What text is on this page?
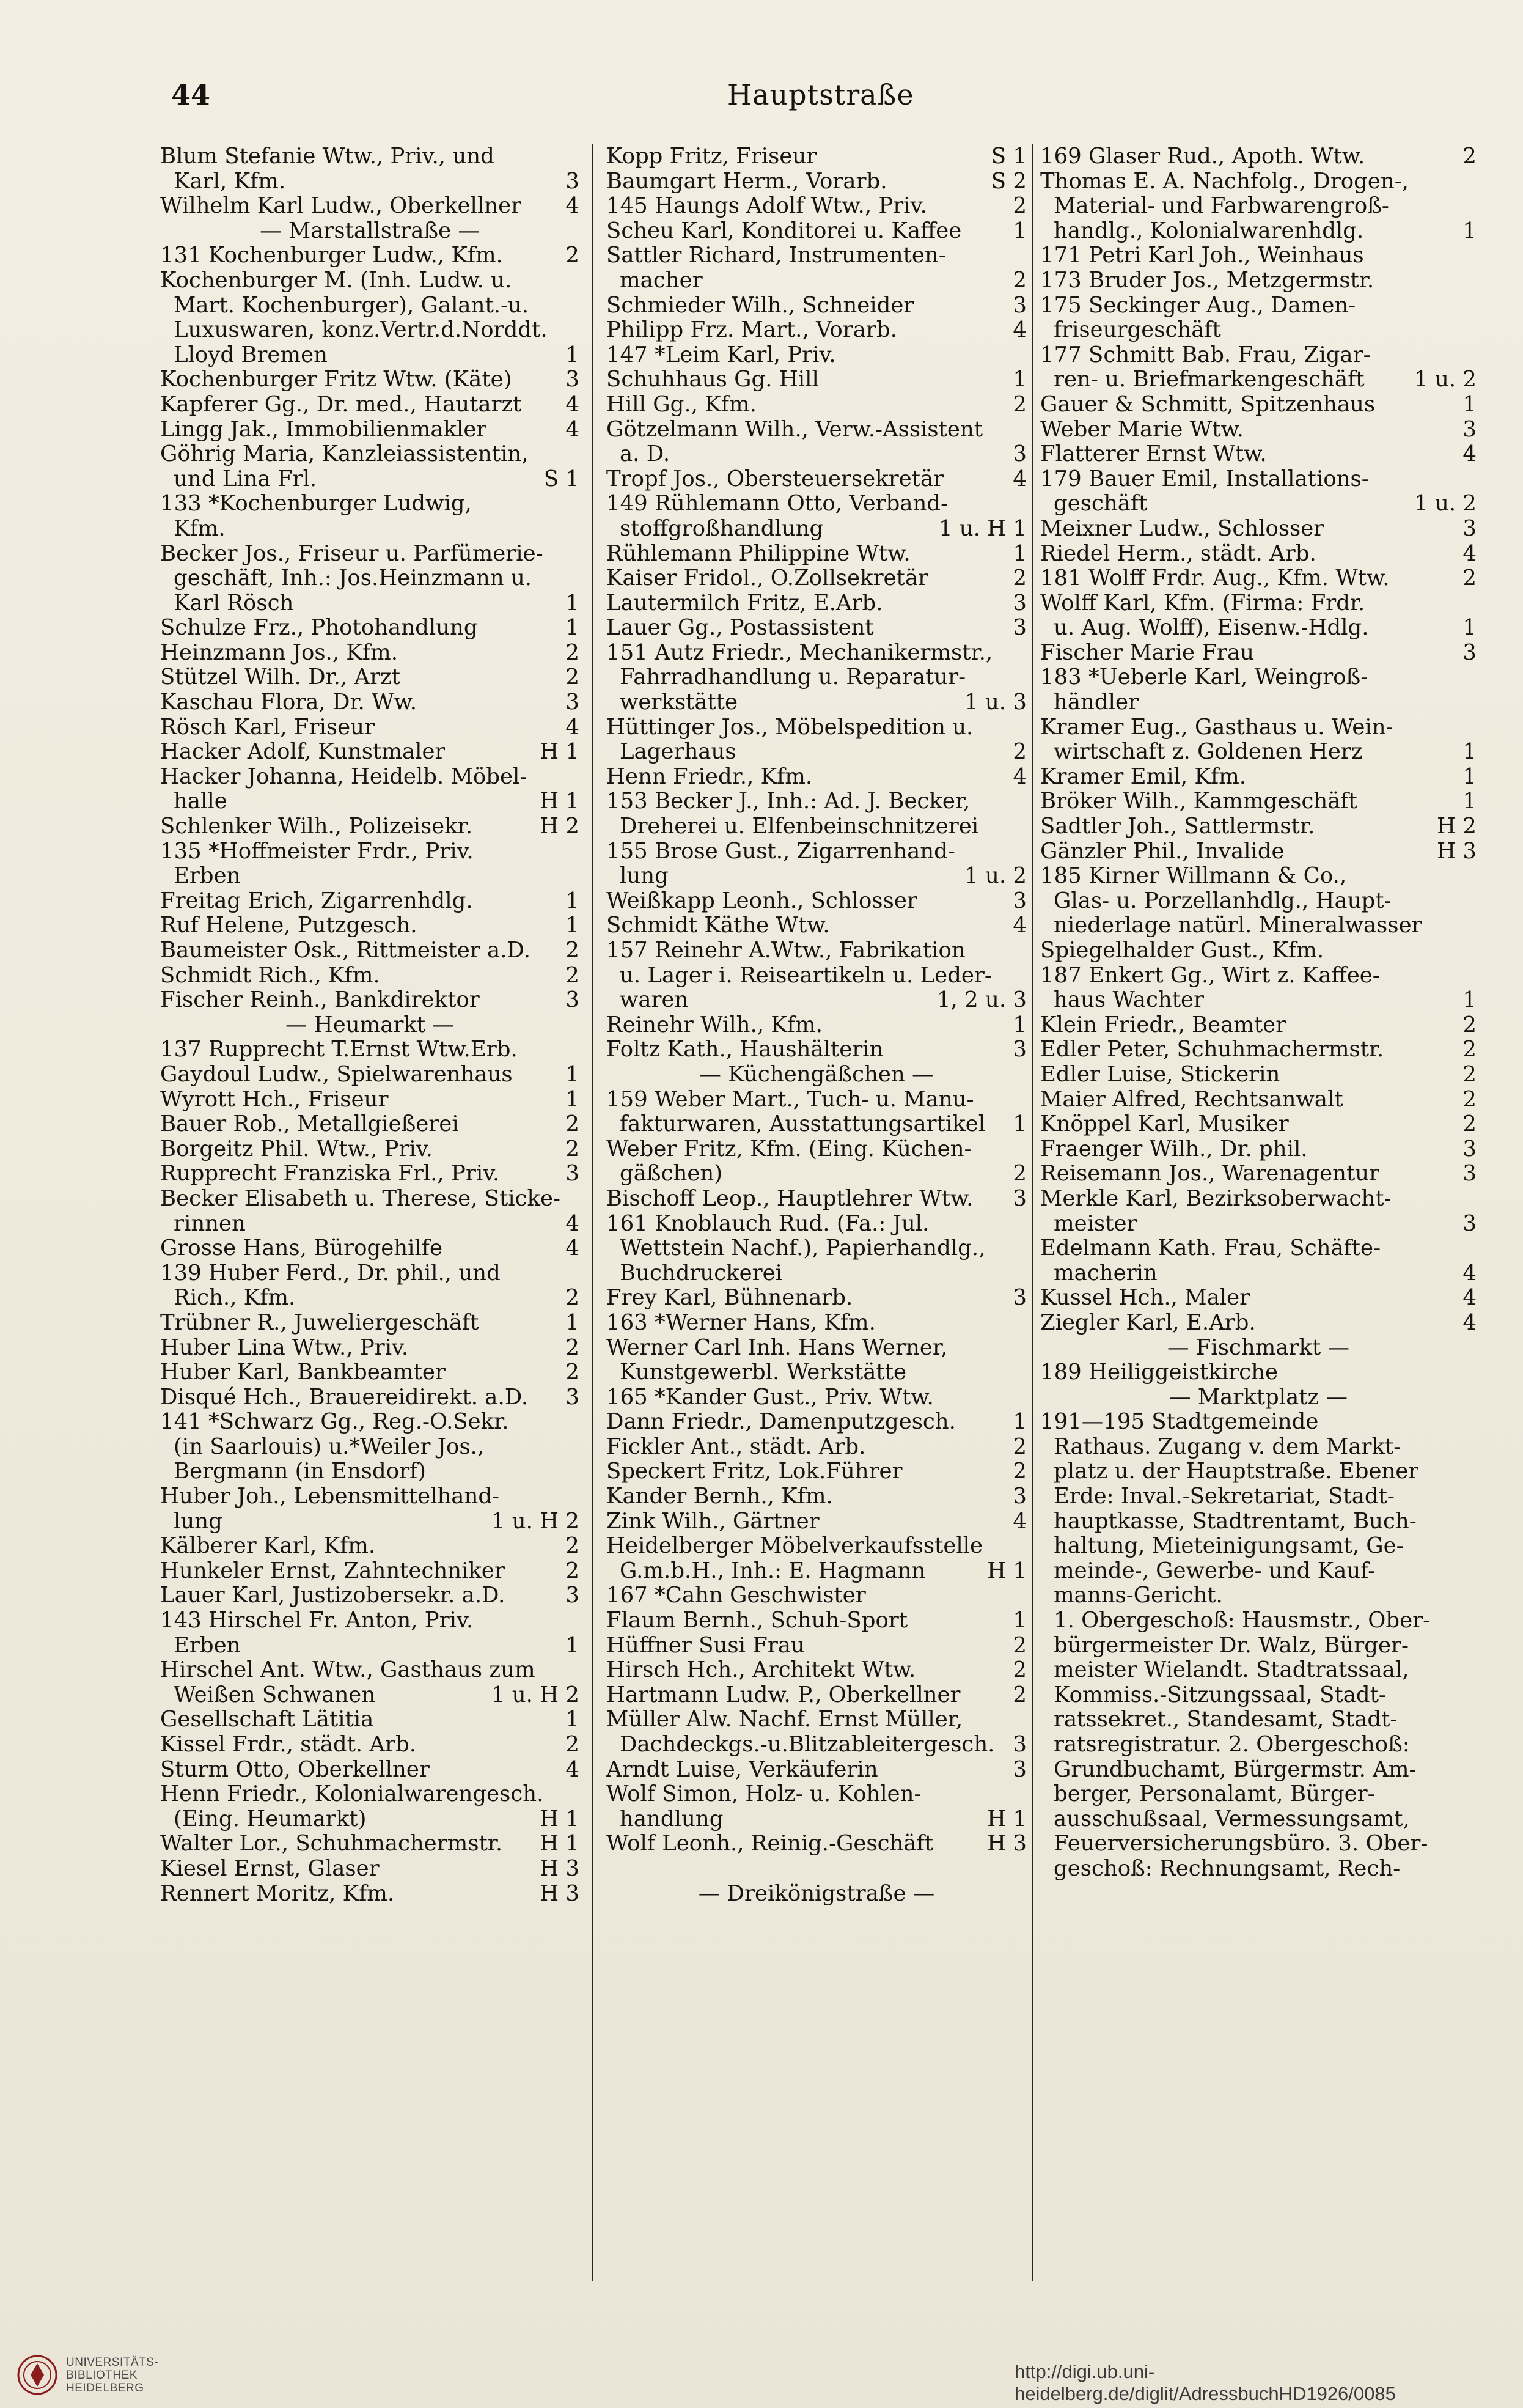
44	Hauptstraße
Blum Stefanie Wtw., Priv., und
Karl, Kfm.	3
Wilhelm Karl Ludw., Oberkellner 4
— Marstallstraße —
131 Kochenburger Ludw., Kfm.	2
Kochenburger M. (Inh. Ludw. u.
Mart. Kochenburger), Galant.-u.
Luxuswaren, konz.Vertr.d.Norddt.
Lloyd Bremen	1
Kochenburger Fritz Wtw. (Käte) 3
Kapferer Gg., Dr. med., Hautarzt 4
Lingg Jak., Immobilienmakler	4
Göhrig Maria, Kanzleiassistentin,
und Lina Frl.	S 1
133 *Kochenburger Ludwig,
Kfm.
Becker Jos., Friseur u. Parfümerie-
geschäft, Inh.: Jos.Heinzmann u.
Karl Rösch	1
Schulze Frz., Photohandlung	1
Heinzmann Jos., Kfm.	2
Stützel Wilh. Dr., Arzt	2
Kaschau Flora, Dr. Ww.	3
Rösch Karl, Friseur	4
Hacker Adolf, Kunstmaler	H 1
Hacker Johanna, Heidelb. Möbel-
halle	H 1
Schlenker Wilh., Polizeisekr.	H 2
135 *Hoffmeister Frdr., Priv.
Erben
Freitag Erich, Zigarrenhdlg.	1
Ruf Helene, Putzgesch.	1
Baumeister Osk., Rittmeister a.D. 2
Schmidt Rich., Kfm.	2
Fischer Reinh., Bankdirektor	3
— Heumarkt —
137 Rupprecht T.Ernst Wtw.Erb.
Gaydoul Ludw., Spielwarenhaus 1
Wyrott Hch., Friseur	1
Bauer Rob., Metallgießerei	2
Borgeitz Phil. Wtw., Priv.	2
Rupprecht Franziska Frl., Priv.	3
Becker Elisabeth u. Therese, Sticke-
rinnen	4
Grosse Hans, Bürogehilfe	4
139 Huber Ferd., Dr. phil., und
Rich., Kfm.	2
Trübner R., Juweliergeschäft	1
Huber Lina Wtw., Priv.	2
Huber Karl, Bankbeamter	2
Disqué Hch., Brauereidirekt. a.D. 3
141 *Schwarz Gg., Reg.-O.Sekr.
(in Saarlouis) u.*Weiler Jos.,
Bergmann (in Ensdorf)
Huber Joh., Lebensmittelhand-
lung	1 u. H 2
Kälberer Karl, Kfm.	2
Hunkeler Ernst, Zahntechniker	2
Lauer Karl, Justizobersekr. a.D.	3
143 Hirschel Fr. Anton, Priv.
Erben	1
Hirschel Ant. Wtw., Gasthaus zum
Weißen Schwanen	1 u. H 2
Gesellschaft Lätitia	1
Kissel Frdr., städt. Arb.	2
Sturm Otto, Oberkellner	4
Henn Friedr., Kolonialwarengesch.
(Eing. Heumarkt)	H 1
Walter Lor., Schuhmachermstr. H 1
Kiesel Ernst, Glaser	H 3
Rennert Moritz, Kfm.	H 3
Kopp Fritz, Friseur	S 1
Baumgart Herm., Vorarb.	S 2
145 Haungs Adolf Wtw., Priv.	2
Scheu Karl, Konditorei u. Kaffee 1
Sattler Richard, Instrumenten-
macher	2
Schmieder Wilh., Schneider	3
Philipp Frz. Mart., Vorarb.	4
147 *Leim Karl, Priv.
Schuhhaus Gg. Hill	1
Hill Gg., Kfm.	2
Götzelmann Wilh., Verw.-Assistent
a. D.	3
Tropf Jos., Obersteuersekretär	4
149 Rühlemann Otto, Verband-
stoffgroßhandlung	1 u. H 1
Rühlemann Philippine Wtw.	1
Kaiser Fridol., O.Zollsekretär	2
Lautermilch Fritz, E.Arb.	3
Lauer Gg., Postassistent	3
151 Autz Friedr., Mechanikermstr.,
Fahrradhandlung u. Reparatur-
werkstätte	1 u. 3
Hüttinger Jos., Möbelspedition u.
Lagerhaus	2
Henn Friedr., Kfm.	4
153 Becker J., Inh.: Ad. J. Becker,
Dreherei u. Elfenbeinschnitzerei
155 Brose Gust., Zigarrenhand-
lung	1 u. 2
Weißkapp Leonh., Schlosser	3
Schmidt Käthe Wtw.	4
157 Reinehr A.Wtw., Fabrikation
u. Lager i. Reiseartikeln u. Leder-
waren	1, 2 u. 3
Reinehr Wilh., Kfm.	1
Foltz Kath., Haushälterin	3
— Küchengäßchen —
159 Weber Mart., Tuch- u. Manu-
fakturwaren, Ausstattungsartikel 1
Weber Fritz, Kfm. (Eing. Küchen-
gäßchen)	2
Bischoff Leop., Hauptlehrer Wtw. 3
161 Knoblauch Rud. (Fa.: Jul.
Wettstein Nachf.), Papierhandlg.,
Buchdruckerei
Frey Karl, Bühnenarb.	3
163 *Werner Hans, Kfm.
Werner Carl Inh. Hans Werner,
Kunstgewerbl. Werkstätte
165 *Kander Gust., Priv. Wtw.
Dann Friedr., Damenputzgesch.	1
Fickler Ant., städt. Arb.	2
Speckert Fritz, Lok.Führer	2
Kander Bernh., Kfm.	3
Zink Wilh., Gärtner	4
Heidelberger Möbelverkaufsstelle
G.m.b.H., Inh.: E. Hagmann	H 1
167 *Cahn Geschwister
Flaum Bernh., Schuh-Sport	1
Hüffner Susi Frau	2
Hirsch Hch., Architekt Wtw.	2
Hartmann Ludw. P., Oberkellner 2
Müller Alw. Nachf. Ernst Müller,
Dachdeckgs.-u.Blitzableitergesch. 3
Arndt Luise, Verkäuferin	3
Wolf Simon, Holz- u. Kohlen-
handlung	H 1
Wolf Leonh., Reinig.-Geschäft H 3
— Dreikönigstraße —
169 Glaser Rud., Apoth. Wtw.	2
Thomas E. A. Nachfolg., Drogen-,
Material- und Farbwarengroß-
handlg., Kolonialwarenhdlg.	1
171 Petri Karl Joh., Weinhaus
173 Bruder Jos., Metzgermstr.
175 Seckinger Aug., Damen-
friseurgeschäft
177 Schmitt Bab. Frau, Zigar-
ren- u. Briefmarkengeschäft 1 u. 2
Gauer & Schmitt, Spitzenhaus	1
Weber Marie Wtw.	3
Flatterer Ernst Wtw.	4
179 Bauer Emil, Installations-
geschäft	1 u. 2
Meixner Ludw., Schlosser	3
Riedel Herm., städt. Arb.	4
181 Wolff Frdr. Aug., Kfm. Wtw.	2
Wolff Karl, Kfm. (Firma: Frdr.
u. Aug. Wolff), Eisenw.-Hdlg.	1
Fischer Marie Frau	3
183 *Ueberle Karl, Weingroß-
händler
Kramer Eug., Gasthaus u. Wein-
wirtschaft z. Goldenen Herz	1
Kramer Emil, Kfm.	1
Bröker Wilh., Kammgeschäft	1
Sadtler Joh., Sattlermstr.	H 2
Gänzler Phil., Invalide	H 3
185 Kirner Willmann & Co.,
Glas- u. Porzellanhdlg., Haupt-
niederlage natürl. Mineralwasser
Spiegelhalder Gust., Kfm.
187 Enkert Gg., Wirt z. Kaffee-
haus Wachter	1
Klein Friedr., Beamter	2
Edler Peter, Schuhmachermstr.	2
Edler Luise, Stickerin	2
Maier Alfred, Rechtsanwalt	2
Knöppel Karl, Musiker	2
Fraenger Wilh., Dr. phil.	3
Reisemann Jos., Warenagentur	3
Merkle Karl, Bezirksoberwacht-
meister	3
Edelmann Kath. Frau, Schäfte-
macherin	4
Kussel Hch., Maler	4
Ziegler Karl, E.Arb.	4
— Fischmarkt —
189 Heiliggeistkirche
— Marktplatz —
191—195 Stadtgemeinde
Rathaus. Zugang v. dem Markt-
platz u. der Hauptstraße. Ebener
Erde: Inval.-Sekretariat, Stadt-
hauptkasse, Stadtrentamt, Buch-
haltung, Mieteinigungsamt, Ge-
meinde-, Gewerbe- und Kauf-
manns-Gericht.
1. Obergeschoß: Hausmstr., Ober-
bürgermeister Dr. Walz, Bürger-
meister Wielandt. Stadtratssaal,
Kommiss.-Sitzungssaal, Stadt-
ratssekret., Standesamt, Stadt-
ratsregistratur. 2. Obergeschoß:
Grundbuchamt, Bürgermstr. Am-
berger, Personalamt, Bürger-
ausschußsaal, Vermessungsamt,
Feuerversicherungsbüro. 3. Ober-
geschoß: Rechnungsamt, Rech-
UNIVERSITÄTS-
BIBLIOTHEK
HEIDELBERG
http://digi.ub.uni-heidelberg.de/diglit/AdressbuchHD1926/0085
